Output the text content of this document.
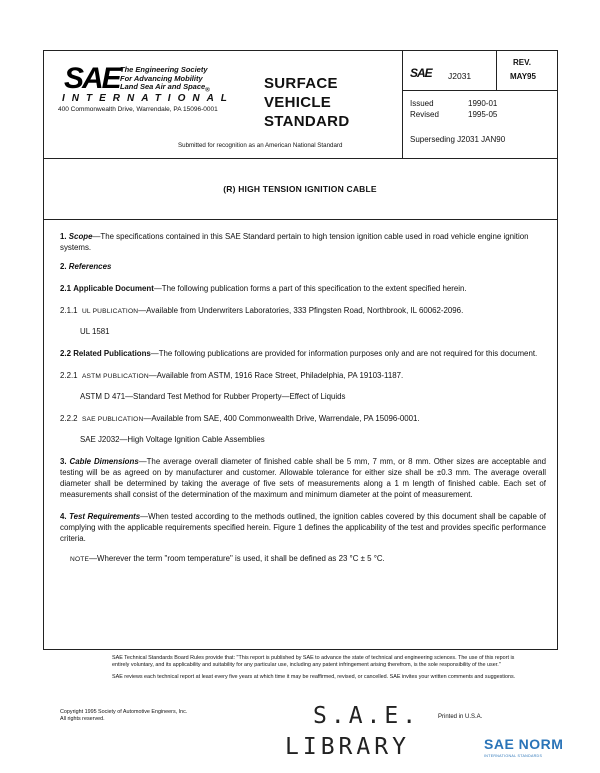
SAE The Engineering Society
For Advancing Mobility
Land Sea Air and Space$_®$
INTERNATIONAL
400 Commonwealth Drive, Warrendale, PA 15096-0001
SURFACE
VEHICLE
STANDARD
Submitted for recognition as an American National Standard
SAE J2031
REV.
MAY95
Issued	1990-01
Revised	1995-05
Superseding J2031 JAN90
(R) HIGH TENSION IGNITION CABLE

1. Scope—The specifications contained in this SAE Standard pertain to high tension ignition cable used in road vehicle engine ignition systems.

2. References

2.1 Applicable Document—The following publication forms a part of this specification to the extent specified herein.

2.1.1 UL PUBLICATION—Available from Underwriters Laboratories, 333 Pfingsten Road, Northbrook, IL 60062-2096.

UL 1581

2.2 Related Publications—The following publications are provided for information purposes only and are not required for this document.

2.2.1 ASTM PUBLICATION—Available from ASTM, 1916 Race Street, Philadelphia, PA 19103-1187.

ASTM D 471—Standard Test Method for Rubber Property—Effect of Liquids

2.2.2 SAE PUBLICATION—Available from SAE, 400 Commonwealth Drive, Warrendale, PA 15096-0001.

SAE J2032—High Voltage Ignition Cable Assemblies

3. Cable Dimensions—The average overall diameter of finished cable shall be 5 mm, 7 mm, or 8 mm. Other sizes are acceptable and testing will be as agreed on by manufacturer and customer. Allowable tolerance for either size shall be ±0.3 mm. The average overall diameter shall be determined by taking the average of five sets of measurements along a 1 m length of finished cable. Each set of measurements shall consist of the determination of the maximum and minimum diameter at the point of measurement.

4. Test Requirements—When tested according to the methods outlined, the ignition cables covered by this document shall be capable of complying with the applicable requirements specified herein. Figure 1 defines the applicability of the test and provides specific performance criteria.

NOTE—Wherever the term "room temperature" is used, it shall be defined as 23 °C ± 5 °C.

SAE Technical Standards Board Rules provide that: "This report is published by SAE to advance the state of technical and engineering sciences. The use of this report is entirely voluntary, and its applicability and suitability for any particular use, including any patent infringement arising therefrom, is the sole responsibility of the user."
SAE reviews each technical report at least every five years at which time it may be reaffirmed, revised, or cancelled. SAE invites your written comments and suggestions.
Copyright 1995 Society of Automotive Engineers, Inc.
All rights reserved.	Printed in U.S.A.
S.A.E.
LIBRARY	SAE NORM
INTERNATIONAL STANDARDS
